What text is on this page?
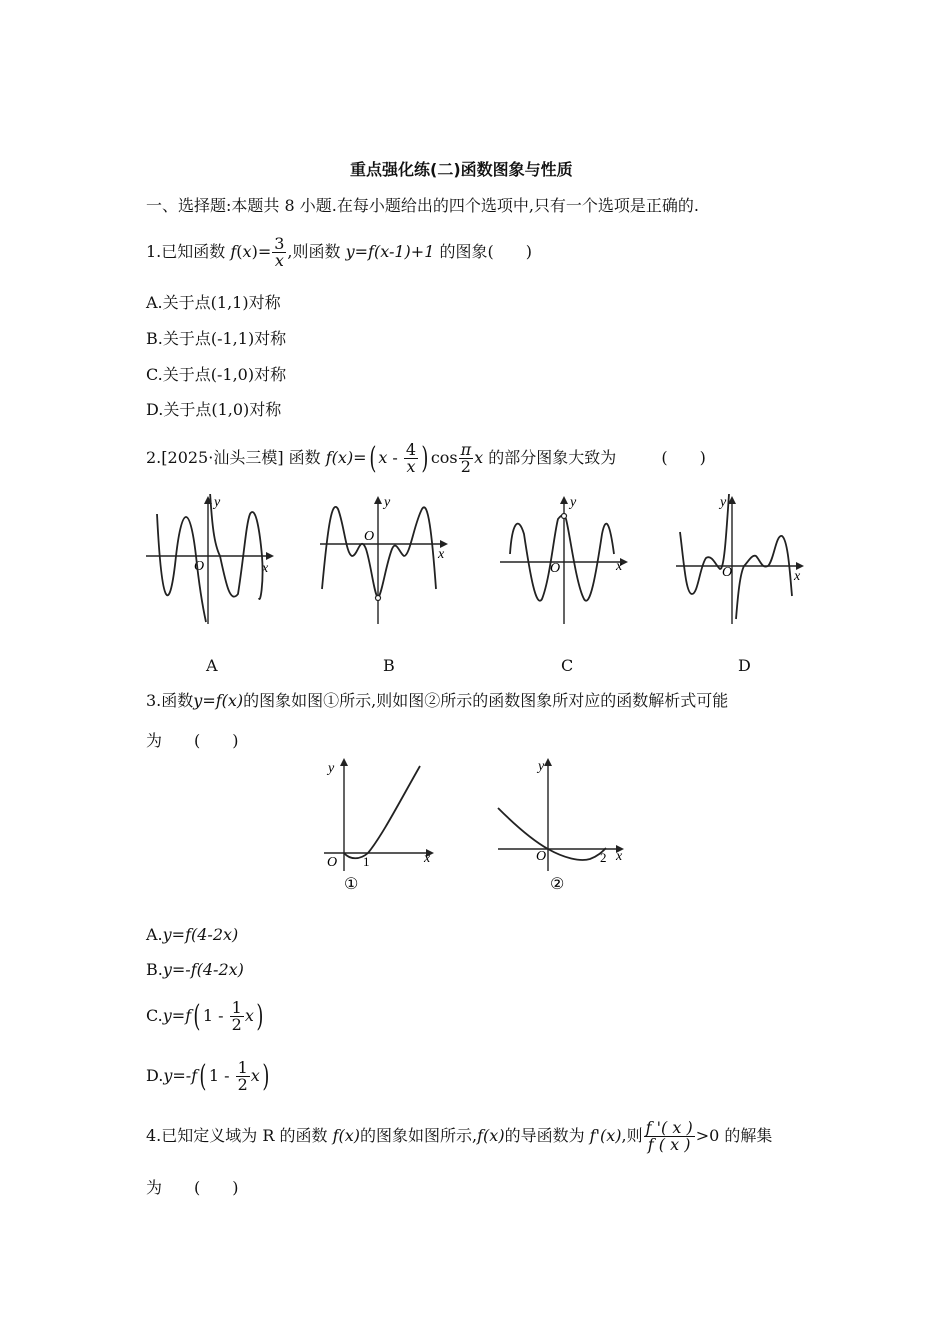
重点强化练(二)函数图象与性质
一、选择题:本题共 8 小题.在每小题给出的四个选项中,只有一个选项是正确的.
1.已知函数 $f(x)= \frac{3}{x}$ ,则函数 y=f(x-1)+1 的图象(　　)
A.关于点(1,1)对称
B.关于点(-1,1)对称
C.关于点(-1,0)对称
D.关于点(1,0)对称
2.[2025·汕头三模] 函数 f(x)=( x - $\frac{4}{x}$ ) $\cos \frac{\pi}{2}$ x 的部分图象大致为	(　　)
y
x
O
y
x
O
y
x
O
y
x
O
A	B	C	D
3.函数y=f(x)的图象如图①所示,则如图②所示的函数图象所对应的函数解析式可能
为　　(　　)
y
x
O 1
①
y
x
O	2
②
A.y=f(4-2x)
B.y=-f(4-2x)
C.y=f( $1 - \frac{1}{2} x$)
D.y=-f( $1 - \frac{1}{2} x$)
4.已知定义域为 R 的函数 f(x)的图象如图所示,f(x)的导函数为 f'(x),则 $\frac{f '( x )}{f ( x )} >0$ 的解集
为　　(　　)
